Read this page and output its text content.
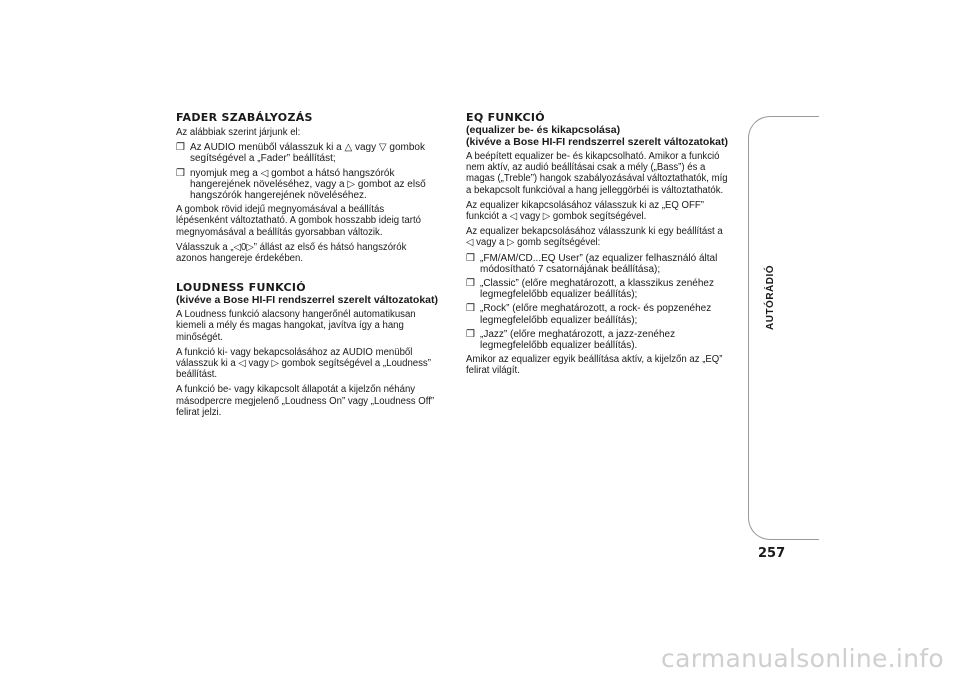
FADER SZABÁLYOZÁS

Az alábbiak szerint járjunk el:

❒ Az AUDIO menüből válasszuk ki a △ vagy ▽ gombok segítségével a „Fader” beállítást;
❒ nyomjuk meg a ◁ gombot a hátsó hangszórók hangerejének növeléséhez, vagy a ▷ gombot az első hangszórók hangerejének növeléséhez.

A gombok rövid idejű megnyomásával a beállítás lépésenként változtatható. A gombok hosszabb ideig tartó megnyomásával a beállítás gyorsabban változik.

Válasszuk a „◁0▷” állást az első és hátsó hangszórók azonos hangereje érdekében.

LOUDNESS FUNKCIÓ
(kivéve a Bose HI-FI rendszerrel szerelt változatokat)

A Loudness funkció alacsony hangerőnél automatikusan kiemeli a mély és magas hangokat, javítva így a hang minőségét.

A funkció ki- vagy bekapcsolásához az AUDIO menüből válasszuk ki a ◁ vagy ▷ gombok segítségével a „Loudness” beállítást.

A funkció be- vagy kikapcsolt állapotát a kijelzőn néhány másodpercre megjelenő „Loudness On” vagy „Loudness Off” felirat jelzi.

EQ FUNKCIÓ
(equalizer be- és kikapcsolása)
(kivéve a Bose HI-FI rendszerrel szerelt változatokat)

A beépített equalizer be- és kikapcsolható. Amikor a funkció nem aktív, az audió beállításai csak a mély („Bass”) és a magas („Treble”) hangok szabályozásával változtathatók, míg a bekapcsolt funkcióval a hang jelleggörbéi is változtathatók.

Az equalizer kikapcsolásához válasszuk ki az „EQ OFF” funkciót a ◁ vagy ▷ gombok segítségével.

Az equalizer bekapcsolásához válasszunk ki egy beállítást a ◁ vagy a ▷ gomb segítségével:

❒ „FM/AM/CD...EQ User” (az equalizer felhasználó által módosítható 7 csatornájának beállítása);
❒ „Classic” (előre meghatározott, a klasszikus zenéhez legmegfelelőbb equalizer beállítás);
❒ „Rock” (előre meghatározott, a rock- és popzenéhez legmegfelelőbb equalizer beállítás);
❒ „Jazz” (előre meghatározott, a jazz-zenéhez legmegfelelőbb equalizer beállítás).

Amikor az equalizer egyik beállítása aktív, a kijelzőn az „EQ” felirat világít.

AUTÓRÁDIÓ
257
carmanualsonline.info
